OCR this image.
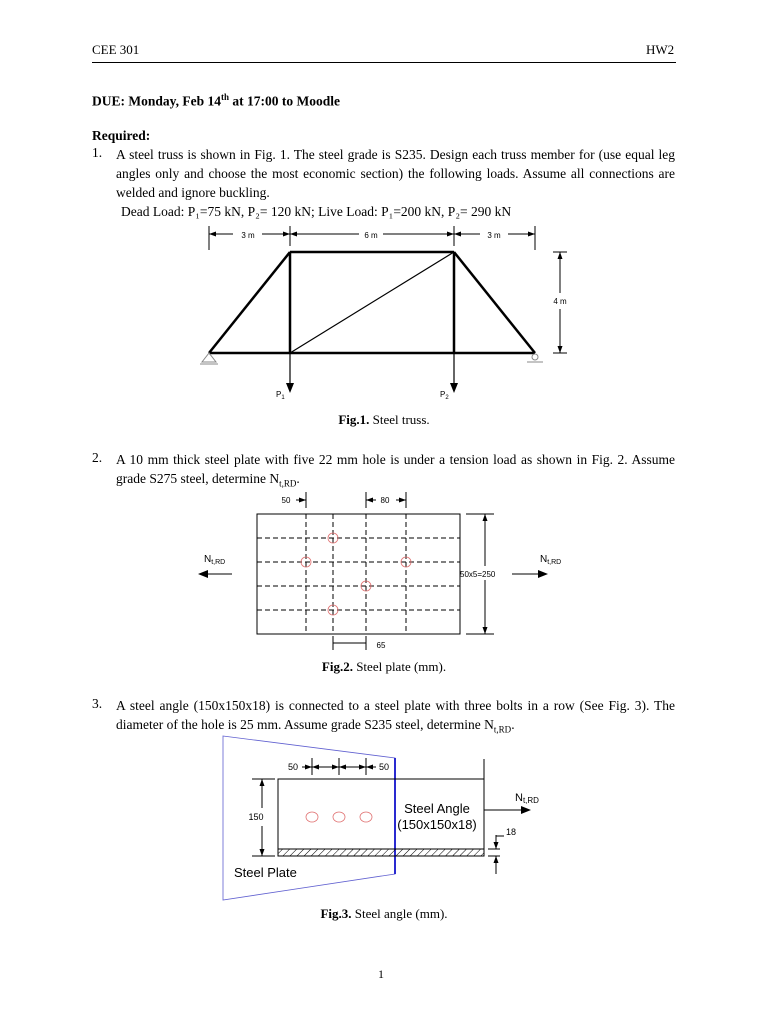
CEE 301	HW2
DUE: Monday, Feb 14th at 17:00 to Moodle
Required:
1. A steel truss is shown in Fig. 1. The steel grade is S235. Design each truss member for (use equal leg angles only and choose the most economic section) the following loads. Assume all connections are welded and ignore buckling.
Dead Load: P₁=75 kN, P₂= 120 kN; Live Load: P₁=200 kN, P₂= 290 kN
3 m	6 m	3 m
4 m
$P_1$	$P_2$
Fig.1. Steel truss.
2. A 10 mm thick steel plate with five 22 mm hole is under a tension load as shown in Fig. 2. Assume grade S275 steel, determine $N_{t,RD}$.
50	80
65
50x5=250
$N_{t,RD}$	$N_{t,RD}$
Fig.2. Steel plate (mm).
3. A steel angle (150x150x18) is connected to a steel plate with three bolts in a row (See Fig. 3). The diameter of the hole is 25 mm. Assume grade S235 steel, determine $N_{t,RD}$.
50	50
150
18
Steel Angle
(150x150x18)
Steel Plate
Nt,RD
Fig.3. Steel angle (mm).
1
